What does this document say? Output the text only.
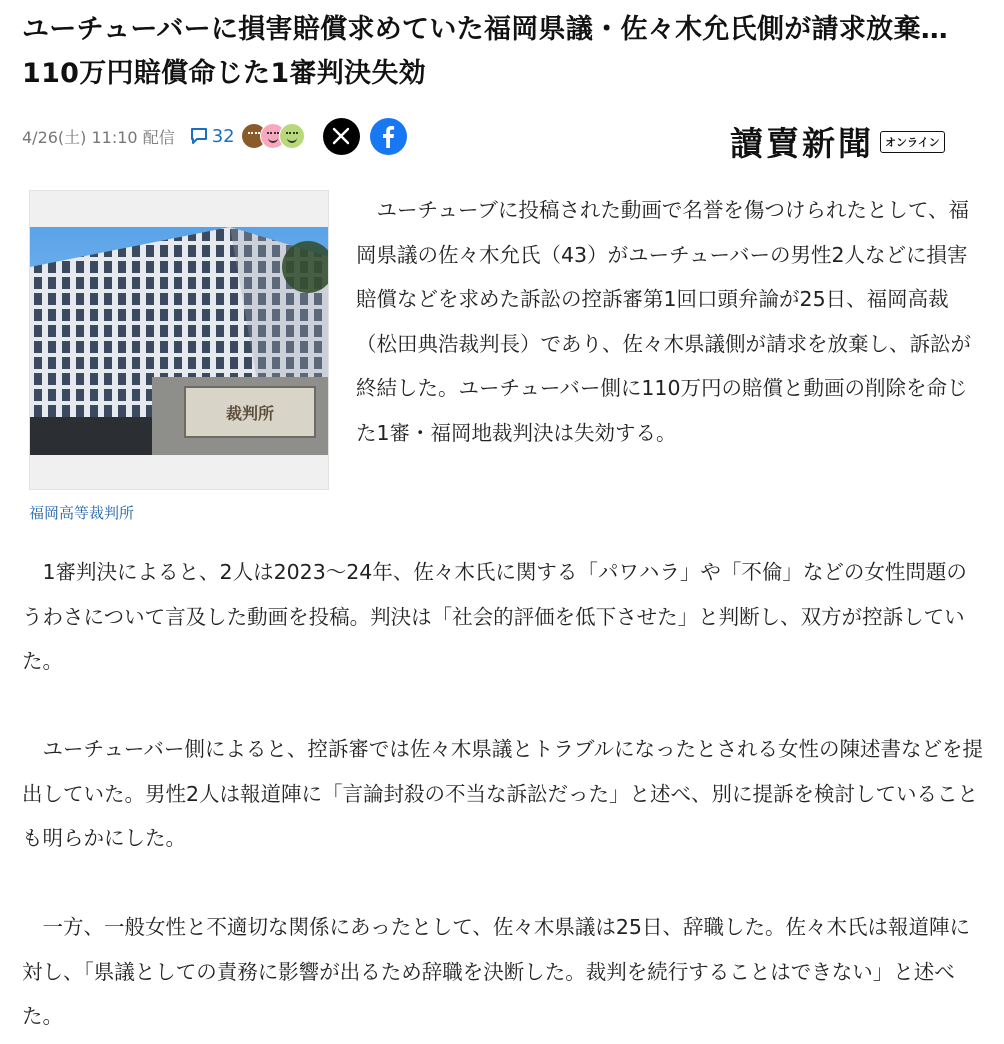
ユーチューバーに損害賠償求めていた福岡県議・佐々木允氏側が請求放棄…110万円賠償命じた1審判決失効
4/26(土) 11:10 配信 32	讀賣新聞	オンライン
裁判所
福岡高等裁判所

　ユーチューブに投稿された動画で名誉を傷つけられたとして、福岡県議の佐々木允氏（43）がユーチューバーの男性2人などに損害賠償などを求めた訴訟の控訴審第1回口頭弁論が25日、福岡高裁（松田典浩裁判長）であり、佐々木県議側が請求を放棄し、訴訟が終結した。ユーチューバー側に110万円の賠償と動画の削除を命じた1審・福岡地裁判決は失効する。

　1審判決によると、2人は2023～24年、佐々木氏に関する「パワハラ」や「不倫」などの女性問題のうわさについて言及した動画を投稿。判決は「社会的評価を低下させた」と判断し、双方が控訴していた。

　ユーチューバー側によると、控訴審では佐々木県議とトラブルになったとされる女性の陳述書などを提出していた。男性2人は報道陣に「言論封殺の不当な訴訟だった」と述べ、別に提訴を検討していることも明らかにした。

　一方、一般女性と不適切な関係にあったとして、佐々木県議は25日、辞職した。佐々木氏は報道陣に対し、「県議としての責務に影響が出るため辞職を決断した。裁判を続行することはできない」と述べた。
